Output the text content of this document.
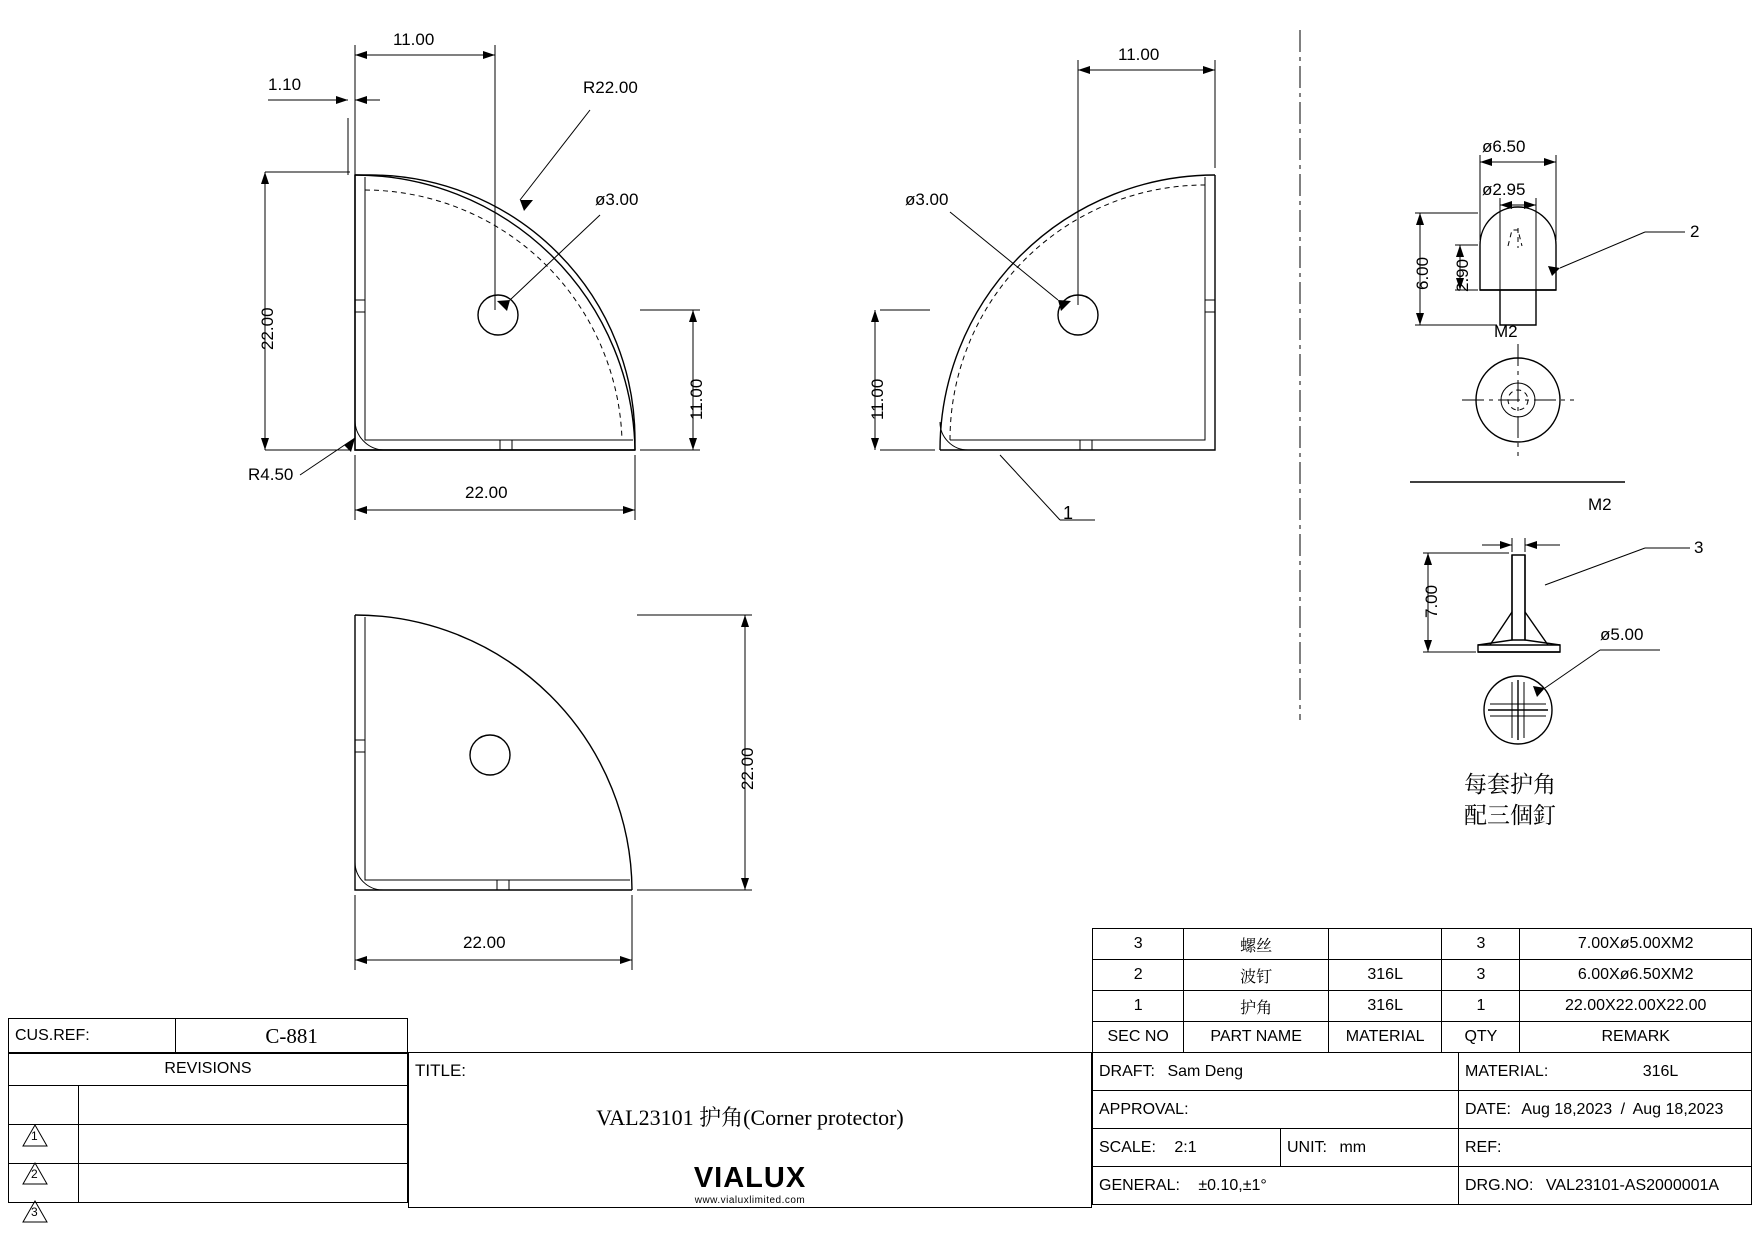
11.00
1.10	R22.00
ø3.00
22.00
11.00
22.00
R4.50
11.00
ø3.00
11.00
1
22.00
22.00
ø6.50
ø2.95
6.00 2.90
M2
2
M2
7.00
ø5.00
3
每套护角
配三個釘
3	螺丝		3	7.00Xø5.00XM2
2	波钉	316L	3	6.00Xø6.50XM2
1	护角	316L	1	22.00X22.00X22.00
SEC NO	PART NAME	MATERIAL	QTY	REMARK
CUS.REF:	C-881
REVISIONS	

1
2
3
TITLE:
VAL23101 护角(Corner protector)
VIALUX
www.vialuxlimited.com
DRAFT: Sam Deng		MATERIAL: 316L
APPROVAL:		DATE: Aug 18,2023 / Aug 18,2023
SCALE: 2:1	UNIT: mm	REF:
GENERAL: ±0.10,±1°		DRG.NO: VAL23101-AS2000001A
